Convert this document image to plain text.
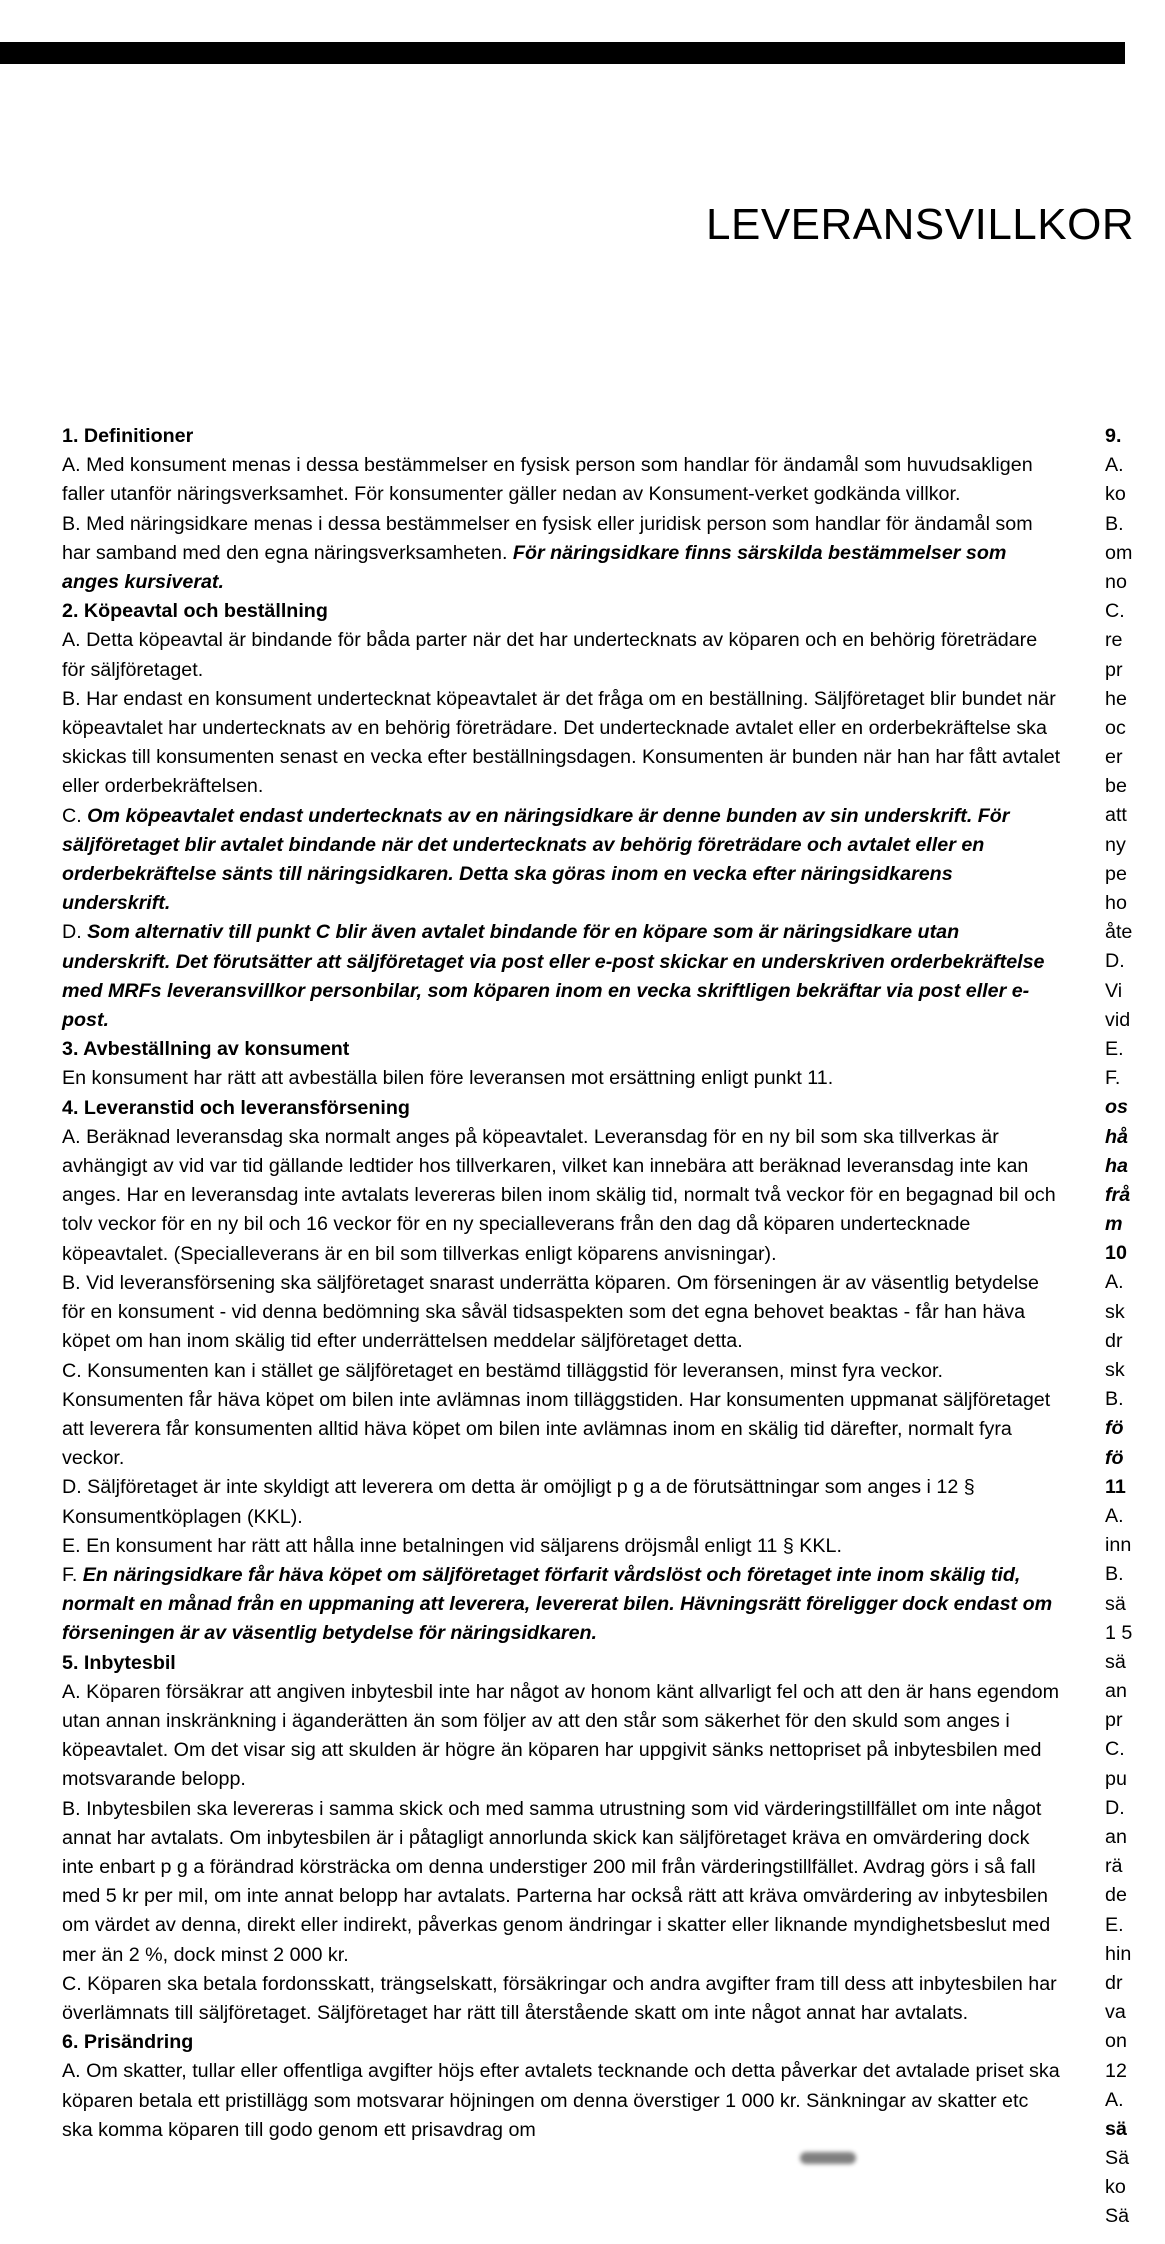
LEVERANSVILLKOR

1. Definitioner

A. Med konsument menas i dessa bestämmelser en fysisk person som handlar för ändamål som huvudsakligen faller utanför näringsverksamhet. För konsumenter gäller nedan av Konsument-verket godkända villkor.

B. Med näringsidkare menas i dessa bestämmelser en fysisk eller juridisk person som handlar för ändamål som har samband med den egna näringsverksamheten. För näringsidkare finns särskilda bestämmelser som anges kursiverat.

2. Köpeavtal och beställning

A. Detta köpeavtal är bindande för båda parter när det har undertecknats av köparen och en behörig företrädare för säljföretaget.

B. Har endast en konsument undertecknat köpeavtalet är det fråga om en beställning. Säljföretaget blir bundet när köpeavtalet har undertecknats av en behörig företrädare. Det undertecknade avtalet eller en orderbekräftelse ska skickas till konsumenten senast en vecka efter beställningsdagen. Konsumenten är bunden när han har fått avtalet eller orderbekräftelsen.

C. Om köpeavtalet endast undertecknats av en näringsidkare är denne bunden av sin underskrift. För säljföretaget blir avtalet bindande när det undertecknats av behörig företrädare och avtalet eller en orderbekräftelse sänts till näringsidkaren. Detta ska göras inom en vecka efter näringsidkarens underskrift.

D. Som alternativ till punkt C blir även avtalet bindande för en köpare som är näringsidkare utan underskrift. Det förutsätter att säljföretaget via post eller e-post skickar en underskriven orderbekräftelse med MRFs leveransvillkor personbilar, som köparen inom en vecka skriftligen bekräftar via post eller e-post.

3. Avbeställning av konsument

En konsument har rätt att avbeställa bilen före leveransen mot ersättning enligt punkt 11.

4. Leveranstid och leveransförsening

A. Beräknad leveransdag ska normalt anges på köpeavtalet. Leveransdag för en ny bil som ska tillverkas är avhängigt av vid var tid gällande ledtider hos tillverkaren, vilket kan innebära att beräknad leveransdag inte kan anges. Har en leveransdag inte avtalats levereras bilen inom skälig tid, normalt två veckor för en begagnad bil och tolv veckor för en ny bil och 16 veckor för en ny specialleverans från den dag då köparen undertecknade köpeavtalet. (Specialleverans är en bil som tillverkas enligt köparens anvisningar).

B. Vid leveransförsening ska säljföretaget snarast underrätta köparen. Om förseningen är av väsentlig betydelse för en konsument - vid denna bedömning ska såväl tidsaspekten som det egna behovet beaktas - får han häva köpet om han inom skälig tid efter underrättelsen meddelar säljföretaget detta.

C. Konsumenten kan i stället ge säljföretaget en bestämd tilläggstid för leveransen, minst fyra veckor. Konsumenten får häva köpet om bilen inte avlämnas inom tilläggstiden. Har konsumenten uppmanat säljföretaget att leverera får konsumenten alltid häva köpet om bilen inte avlämnas inom en skälig tid därefter, normalt fyra veckor.

D. Säljföretaget är inte skyldigt att leverera om detta är omöjligt p g a de förutsättningar som anges i 12 § Konsumentköplagen (KKL).

E. En konsument har rätt att hålla inne betalningen vid säljarens dröjsmål enligt 11 § KKL.

F. En näringsidkare får häva köpet om säljföretaget förfarit vårdslöst och företaget inte inom skälig tid, normalt en månad från en uppmaning att leverera, levererat bilen. Hävningsrätt föreligger dock endast om förseningen är av väsentlig betydelse för näringsidkaren.

5. Inbytesbil

A. Köparen försäkrar att angiven inbytesbil inte har något av honom känt allvarligt fel och att den är hans egendom utan annan inskränkning i äganderätten än som följer av att den står som säkerhet för den skuld som anges i köpeavtalet. Om det visar sig att skulden är högre än köparen har uppgivit sänks nettopriset på inbytesbilen med motsvarande belopp.

B. Inbytesbilen ska levereras i samma skick och med samma utrustning som vid värderingstillfället om inte något annat har avtalats. Om inbytesbilen är i påtagligt annorlunda skick kan säljföretaget kräva en omvärdering dock inte enbart p g a förändrad körsträcka om denna understiger 200 mil från värderingstillfället. Avdrag görs i så fall med 5 kr per mil, om inte annat belopp har avtalats. Parterna har också rätt att kräva omvärdering av inbytesbilen om värdet av denna, direkt eller indirekt, påverkas genom ändringar i skatter eller liknande myndighetsbeslut med mer än 2 %, dock minst 2 000 kr.

C. Köparen ska betala fordonsskatt, trängselskatt, försäkringar och andra avgifter fram till dess att inbytesbilen har överlämnats till säljföretaget. Säljföretaget har rätt till återstående skatt om inte något annat har avtalats.

6. Prisändring

A. Om skatter, tullar eller offentliga avgifter höjs efter avtalets tecknande och detta påverkar det avtalade priset ska köparen betala ett pristillägg som motsvarar höjningen om denna överstiger 1 000 kr. Sänkningar av skatter etc ska komma köparen till godo genom ett prisavdrag om

9.
A.
ko
B.
om
no
C.
re
pr
he
oc
er
be
att
ny
pe
ho
åte
D.
Vi
vid
E.
F.
os
hå
ha
frå
m
10
A.
sk
dr
sk
B.
fö
fö
11
A.
inn
B.
sä
1 5
sä
an
pr
C.
pu
D.
an
rä
de
E.
hin
dr
va
on
12
A.
sä
Sä
ko
Sä
